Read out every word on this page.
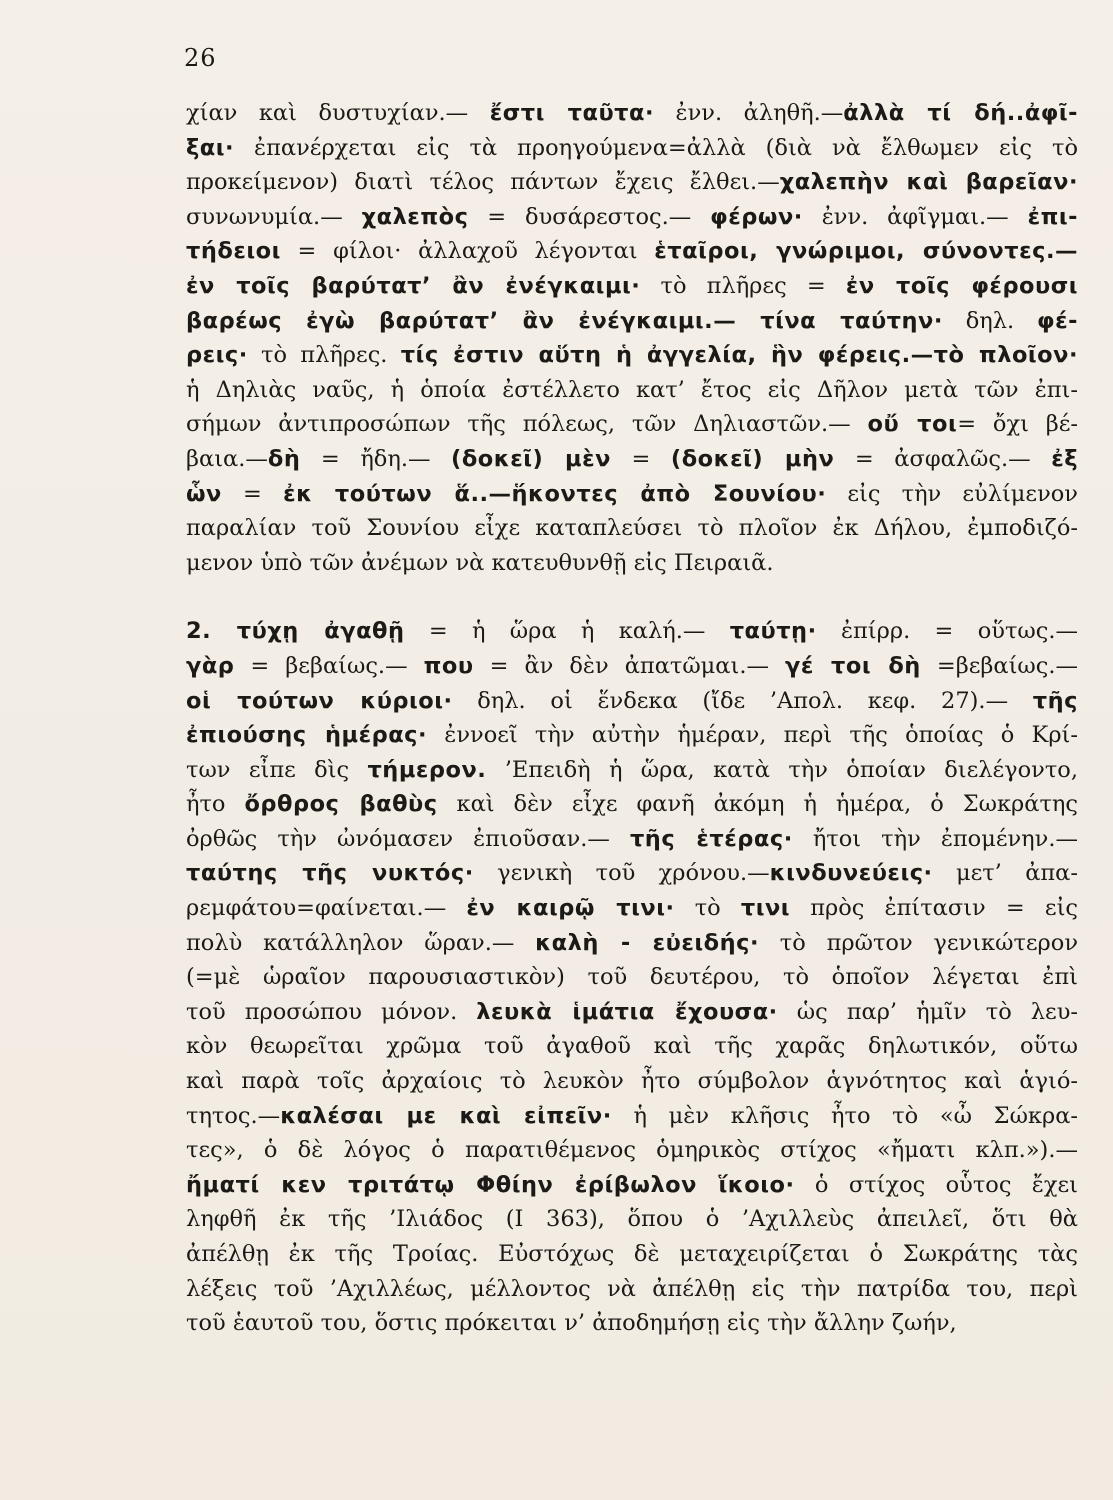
26
χίαν καὶ δυστυχίαν.— ἔστι ταῦτα· ἐνν. ἀληθῆ.—ἀλλὰ τί δή..ἀφῖ-
ξαι· ἐπανέρχεται εἰς τὰ προηγούμενα=ἀλλὰ (διὰ νὰ ἔλθωμεν εἰς τὸ
προκείμενον) διατὶ τέλος πάντων ἔχεις ἔλθει.—χαλεπὴν καὶ βαρεῖαν·
συνωνυμία.— χαλεπὸς = δυσάρεστος.— φέρων· ἐνν. ἀφῖγμαι.— ἐπι-
τήδειοι = φίλοι· ἀλλαχοῦ λέγονται ἑταῖροι, γνώριμοι, σύνοντες.—
ἐν τοῖς βαρύτατ’ ἂν ἐνέγκαιμι· τὸ πλῆρες = ἐν τοῖς φέρουσι
βαρέως ἐγὼ βαρύτατ’ ἂν ἐνέγκαιμι.— τίνα ταύτην· δηλ. φέ-
ρεις· τὸ πλῆρες. τίς ἐστιν αὕτη ἡ ἀγγελία, ἣν φέρεις.—τὸ πλοῖον·
ἡ Δηλιὰς ναῦς, ἡ ὁποία ἐστέλλετο κατ’ ἔτος εἰς Δῆλον μετὰ τῶν ἐπι-
σήμων ἀντιπροσώπων τῆς πόλεως, τῶν Δηλιαστῶν.— οὔ τοι= ὄχι βέ-
βαια.—δὴ = ἤδη.— (δοκεῖ) μὲν = (δοκεῖ) μὴν = ἀσφαλῶς.— ἐξ
ὧν = ἐκ τούτων ἅ..—ἥκοντες ἀπὸ Σουνίου· εἰς τὴν εὐλίμενον
παραλίαν τοῦ Σουνίου εἶχε καταπλεύσει τὸ πλοῖον ἐκ Δήλου, ἐμποδιζό-
μενον ὑπὸ τῶν ἀνέμων νὰ κατευθυνθῇ εἰς Πειραιᾶ.
2. τύχῃ ἀγαθῇ = ἡ ὥρα ἡ καλή.— ταύτῃ· ἐπίρρ. = οὕτως.—
γὰρ = βεβαίως.— που = ἂν δὲν ἀπατῶμαι.— γέ τοι δὴ =βεβαίως.—
οἱ τούτων κύριοι· δηλ. οἱ ἕνδεκα (ἴδε ’Απολ. κεφ. 27).— τῆς
ἐπιούσης ἡμέρας· ἐννοεῖ τὴν αὐτὴν ἡμέραν, περὶ τῆς ὁποίας ὁ Κρί-
των εἶπε δὶς τήμερον. ’Επειδὴ ἡ ὥρα, κατὰ τὴν ὁποίαν διελέγοντο,
ἦτο ὄρθρος βαθὺς καὶ δὲν εἶχε φανῆ ἀκόμη ἡ ἡμέρα, ὁ Σωκράτης
ὀρθῶς τὴν ὠνόμασεν ἐπιοῦσαν.— τῆς ἑτέρας· ἤτοι τὴν ἐπομένην.—
ταύτης τῆς νυκτός· γενικὴ τοῦ χρόνου.—κινδυνεύεις· μετ’ ἀπα-
ρεμφάτου=φαίνεται.— ἐν καιρῷ τινι· τὸ τινι πρὸς ἐπίτασιν = εἰς
πολὺ κατάλληλον ὥραν.— καλὴ - εὐειδής· τὸ πρῶτον γενικώτερον
(=μὲ ὡραῖον παρουσιαστικὸν) τοῦ δευτέρου, τὸ ὁποῖον λέγεται ἐπὶ
τοῦ προσώπου μόνον. λευκὰ ἱμάτια ἔχουσα· ὡς παρ’ ἡμῖν τὸ λευ-
κὸν θεωρεῖται χρῶμα τοῦ ἀγαθοῦ καὶ τῆς χαρᾶς δηλωτικόν, οὕτω
καὶ παρὰ τοῖς ἀρχαίοις τὸ λευκὸν ἦτο σύμβολον ἁγνότητος καὶ ἁγιό-
τητος.—καλέσαι με καὶ εἰπεῖν· ἡ μὲν κλῆσις ἦτο τὸ «ὦ Σώκρα-
τες», ὁ δὲ λόγος ὁ παρατιθέμενος ὁμηρικὸς στίχος «ἤματι κλπ.»).—
ἤματί κεν τριτάτῳ Φθίην ἐρίβωλον ἵκοιο· ὁ στίχος οὗτος ἔχει
ληφθῆ ἐκ τῆς ’Ιλιάδος (Ι 363), ὅπου ὁ ’Αχιλλεὺς ἀπειλεῖ, ὅτι θὰ
ἀπέλθῃ ἐκ τῆς Τροίας. Εὐστόχως δὲ μεταχειρίζεται ὁ Σωκράτης τὰς
λέξεις τοῦ ’Αχιλλέως, μέλλοντος νὰ ἀπέλθῃ εἰς τὴν πατρίδα του, περὶ
τοῦ ἑαυτοῦ του, ὅστις πρόκειται ν’ ἀποδημήσῃ εἰς τὴν ἄλλην ζωήν,
